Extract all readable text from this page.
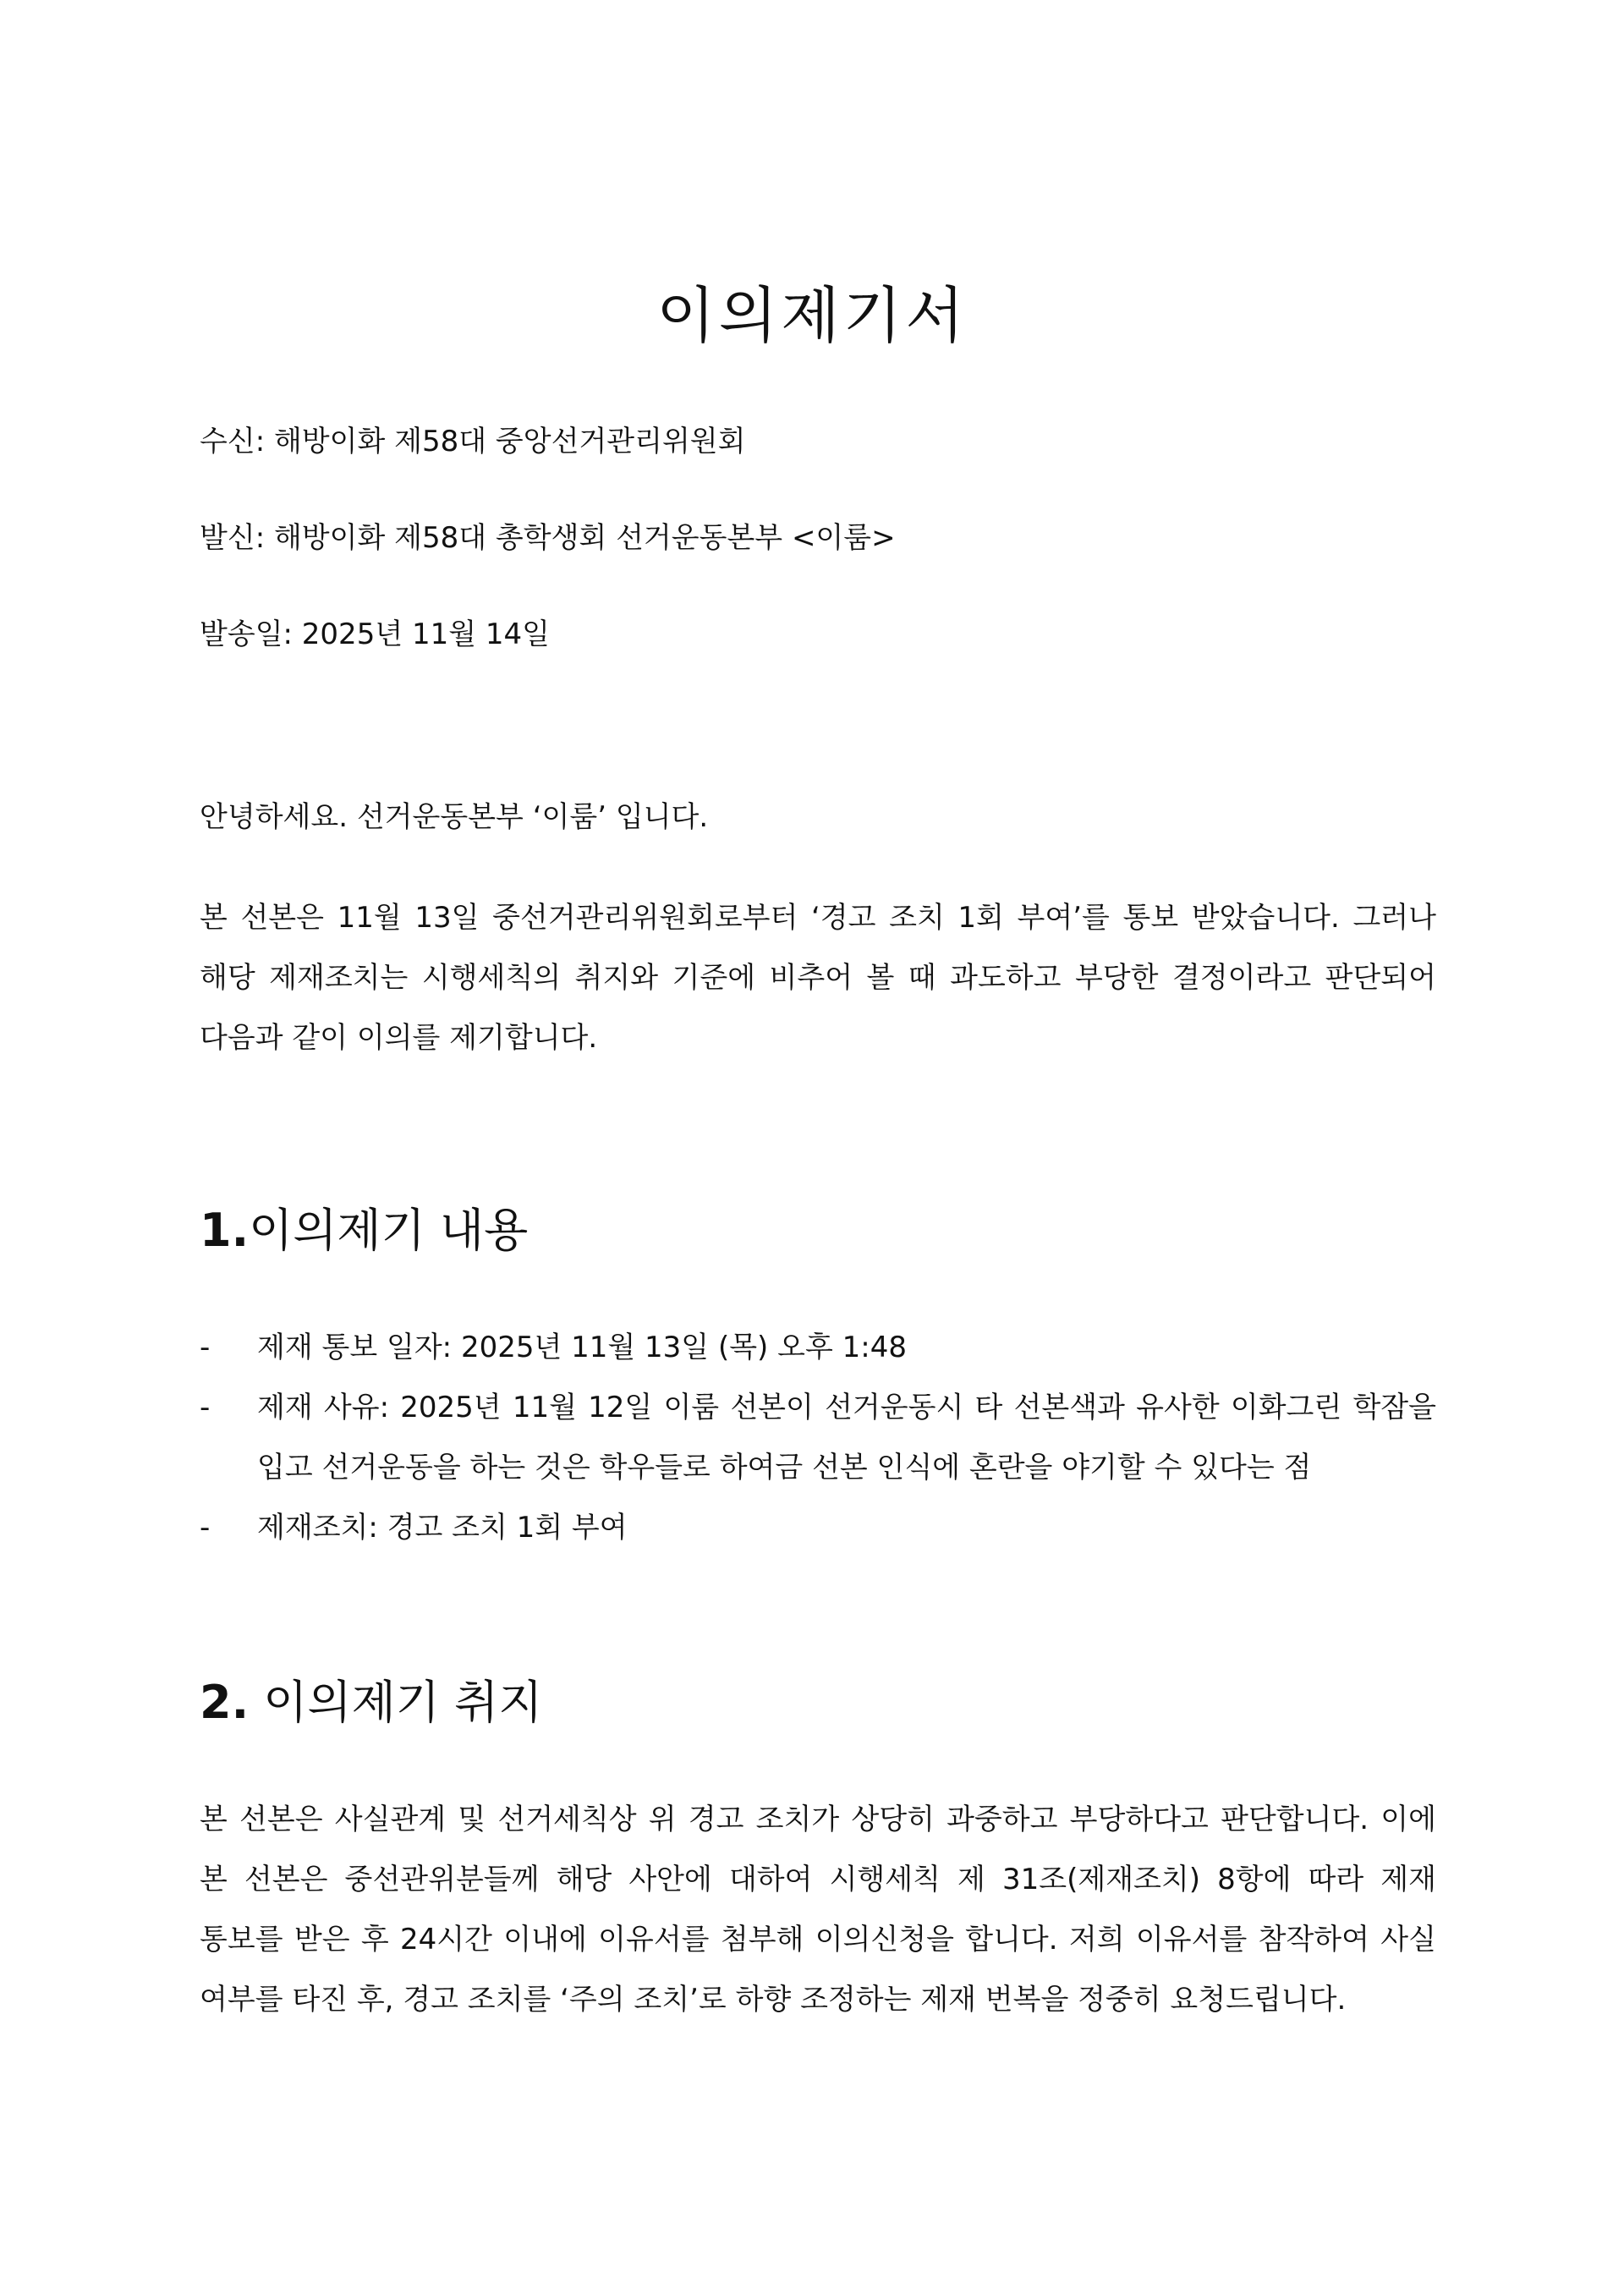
이의제기서

수신: 해방이화 제58대 중앙선거관리위원회

발신: 해방이화 제58대 총학생회 선거운동본부 <이룸>

발송일: 2025년 11월 14일

안녕하세요. 선거운동본부 ‘이룸’ 입니다.

본 선본은 11월 13일 중선거관리위원회로부터 ‘경고 조치 1회 부여’를 통보 받았습니다. 그러나 해당 제재조치는 시행세칙의 취지와 기준에 비추어 볼 때 과도하고 부당한 결정이라고 판단되어 다음과 같이 이의를 제기합니다.

1.이의제기 내용
- 제재 통보 일자: 2025년 11월 13일 (목) 오후 1:48
- 제재 사유: 2025년 11월 12일 이룸 선본이 선거운동시 타 선본색과 유사한 이화그린 학잠을 입고 선거운동을 하는 것은 학우들로 하여금 선본 인식에 혼란을 야기할 수 있다는 점
- 제재조치: 경고 조치 1회 부여
2. 이의제기 취지

본 선본은 사실관계 및 선거세칙상 위 경고 조치가 상당히 과중하고 부당하다고 판단합니다. 이에 본 선본은 중선관위분들께 해당 사안에 대하여 시행세칙 제 31조(제재조치) 8항에 따라 제재 통보를 받은 후 24시간 이내에 이유서를 첨부해 이의신청을 합니다. 저희 이유서를 참작하여 사실 여부를 타진 후, 경고 조치를 ‘주의 조치’로 하향 조정하는 제재 번복을 정중히 요청드립니다.
